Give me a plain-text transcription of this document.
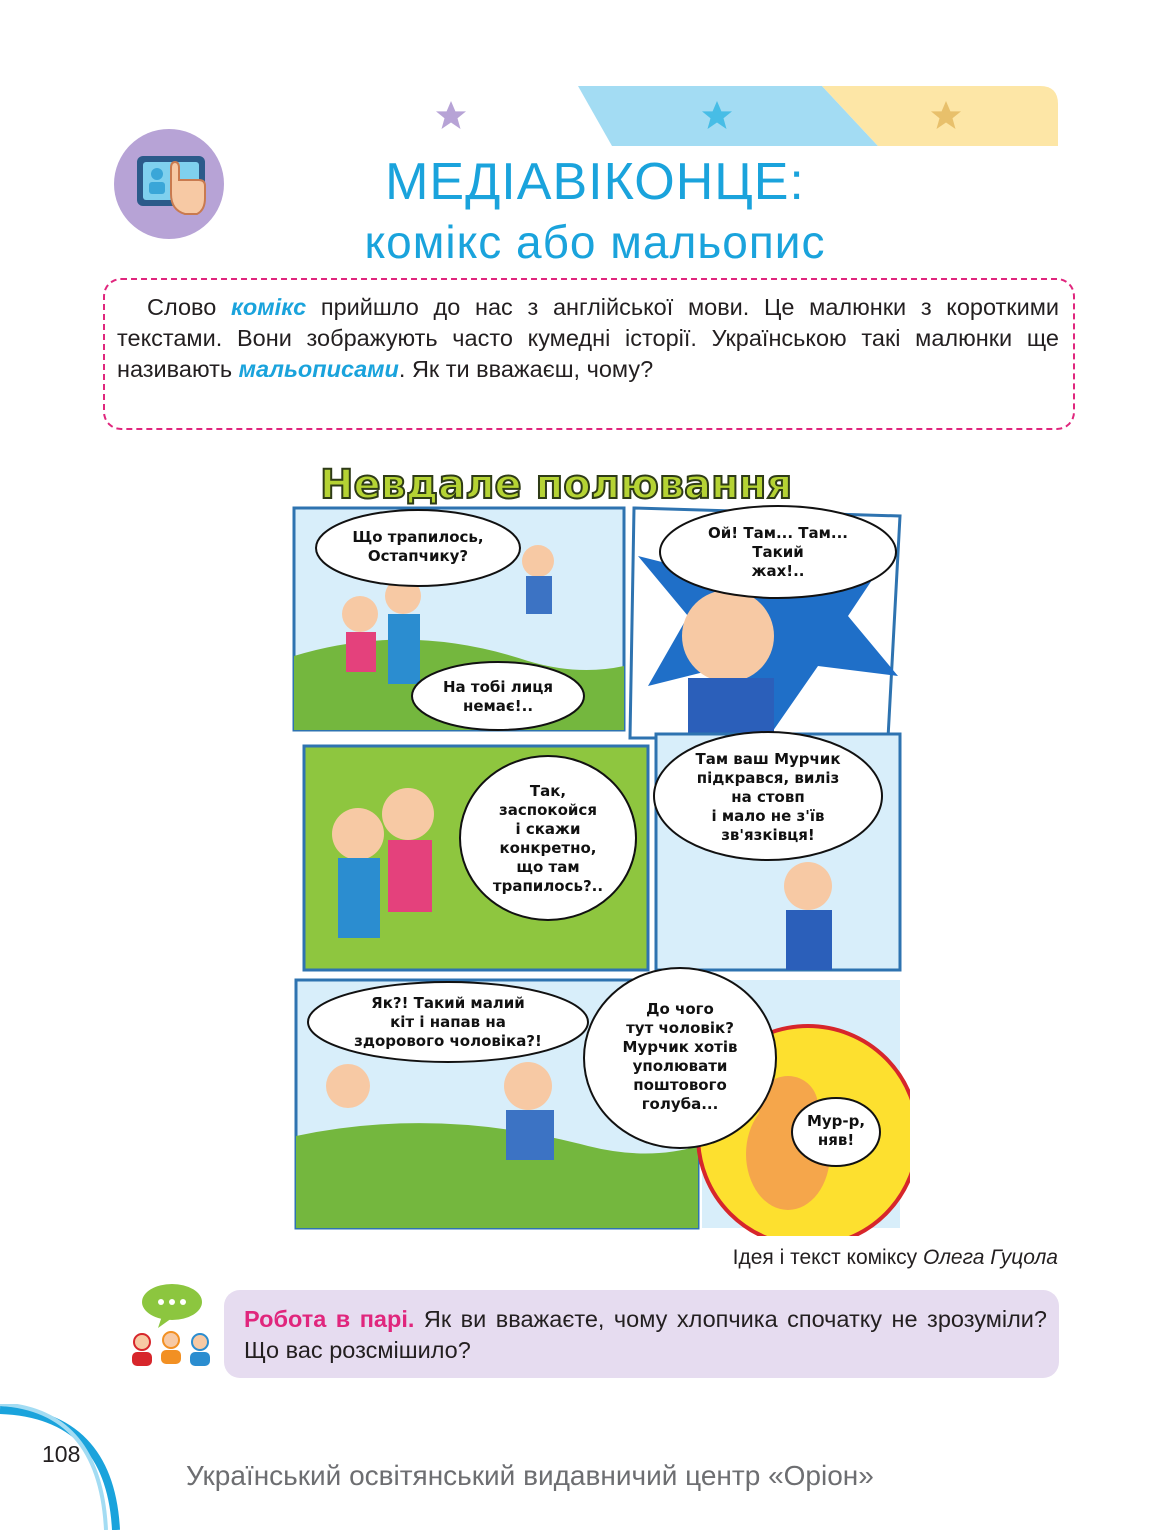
МЕДІАВІКОНЦЕ:
комікс або мальопис

Слово комікс прийшло до нас з англійської мови. Це малюнки з короткими текстами. Вони зображують часто кумедні історії. Українською такі малюнки ще називають мальописами. Як ти вважаєш, чому?

Невдале полювання
Що трапилось,
Остапчику?
На тобі лиця
немає!..
Ой! Там... Там...
Такий
жах!..
Так,
заспокойся
і скажи
конкретно,
що там
трапилось?..
Там ваш Мурчик
підкрався, виліз
на стовп
і мало не з'їв
зв'язківця!
Як?! Такий малий
кіт і напав на
здорового чоловіка?!
До чого
тут чоловік?
Мурчик хотів
уполювати
поштового
голуба...
Мур-р,
няв!
Ідея і текст коміксу Олега Гуцола
Робота в парі. Як ви вважаєте, чому хлопчика спочатку не зрозуміли? Що вас розсмішило?
108
Український освітянський видавничий центр «Оріон»
